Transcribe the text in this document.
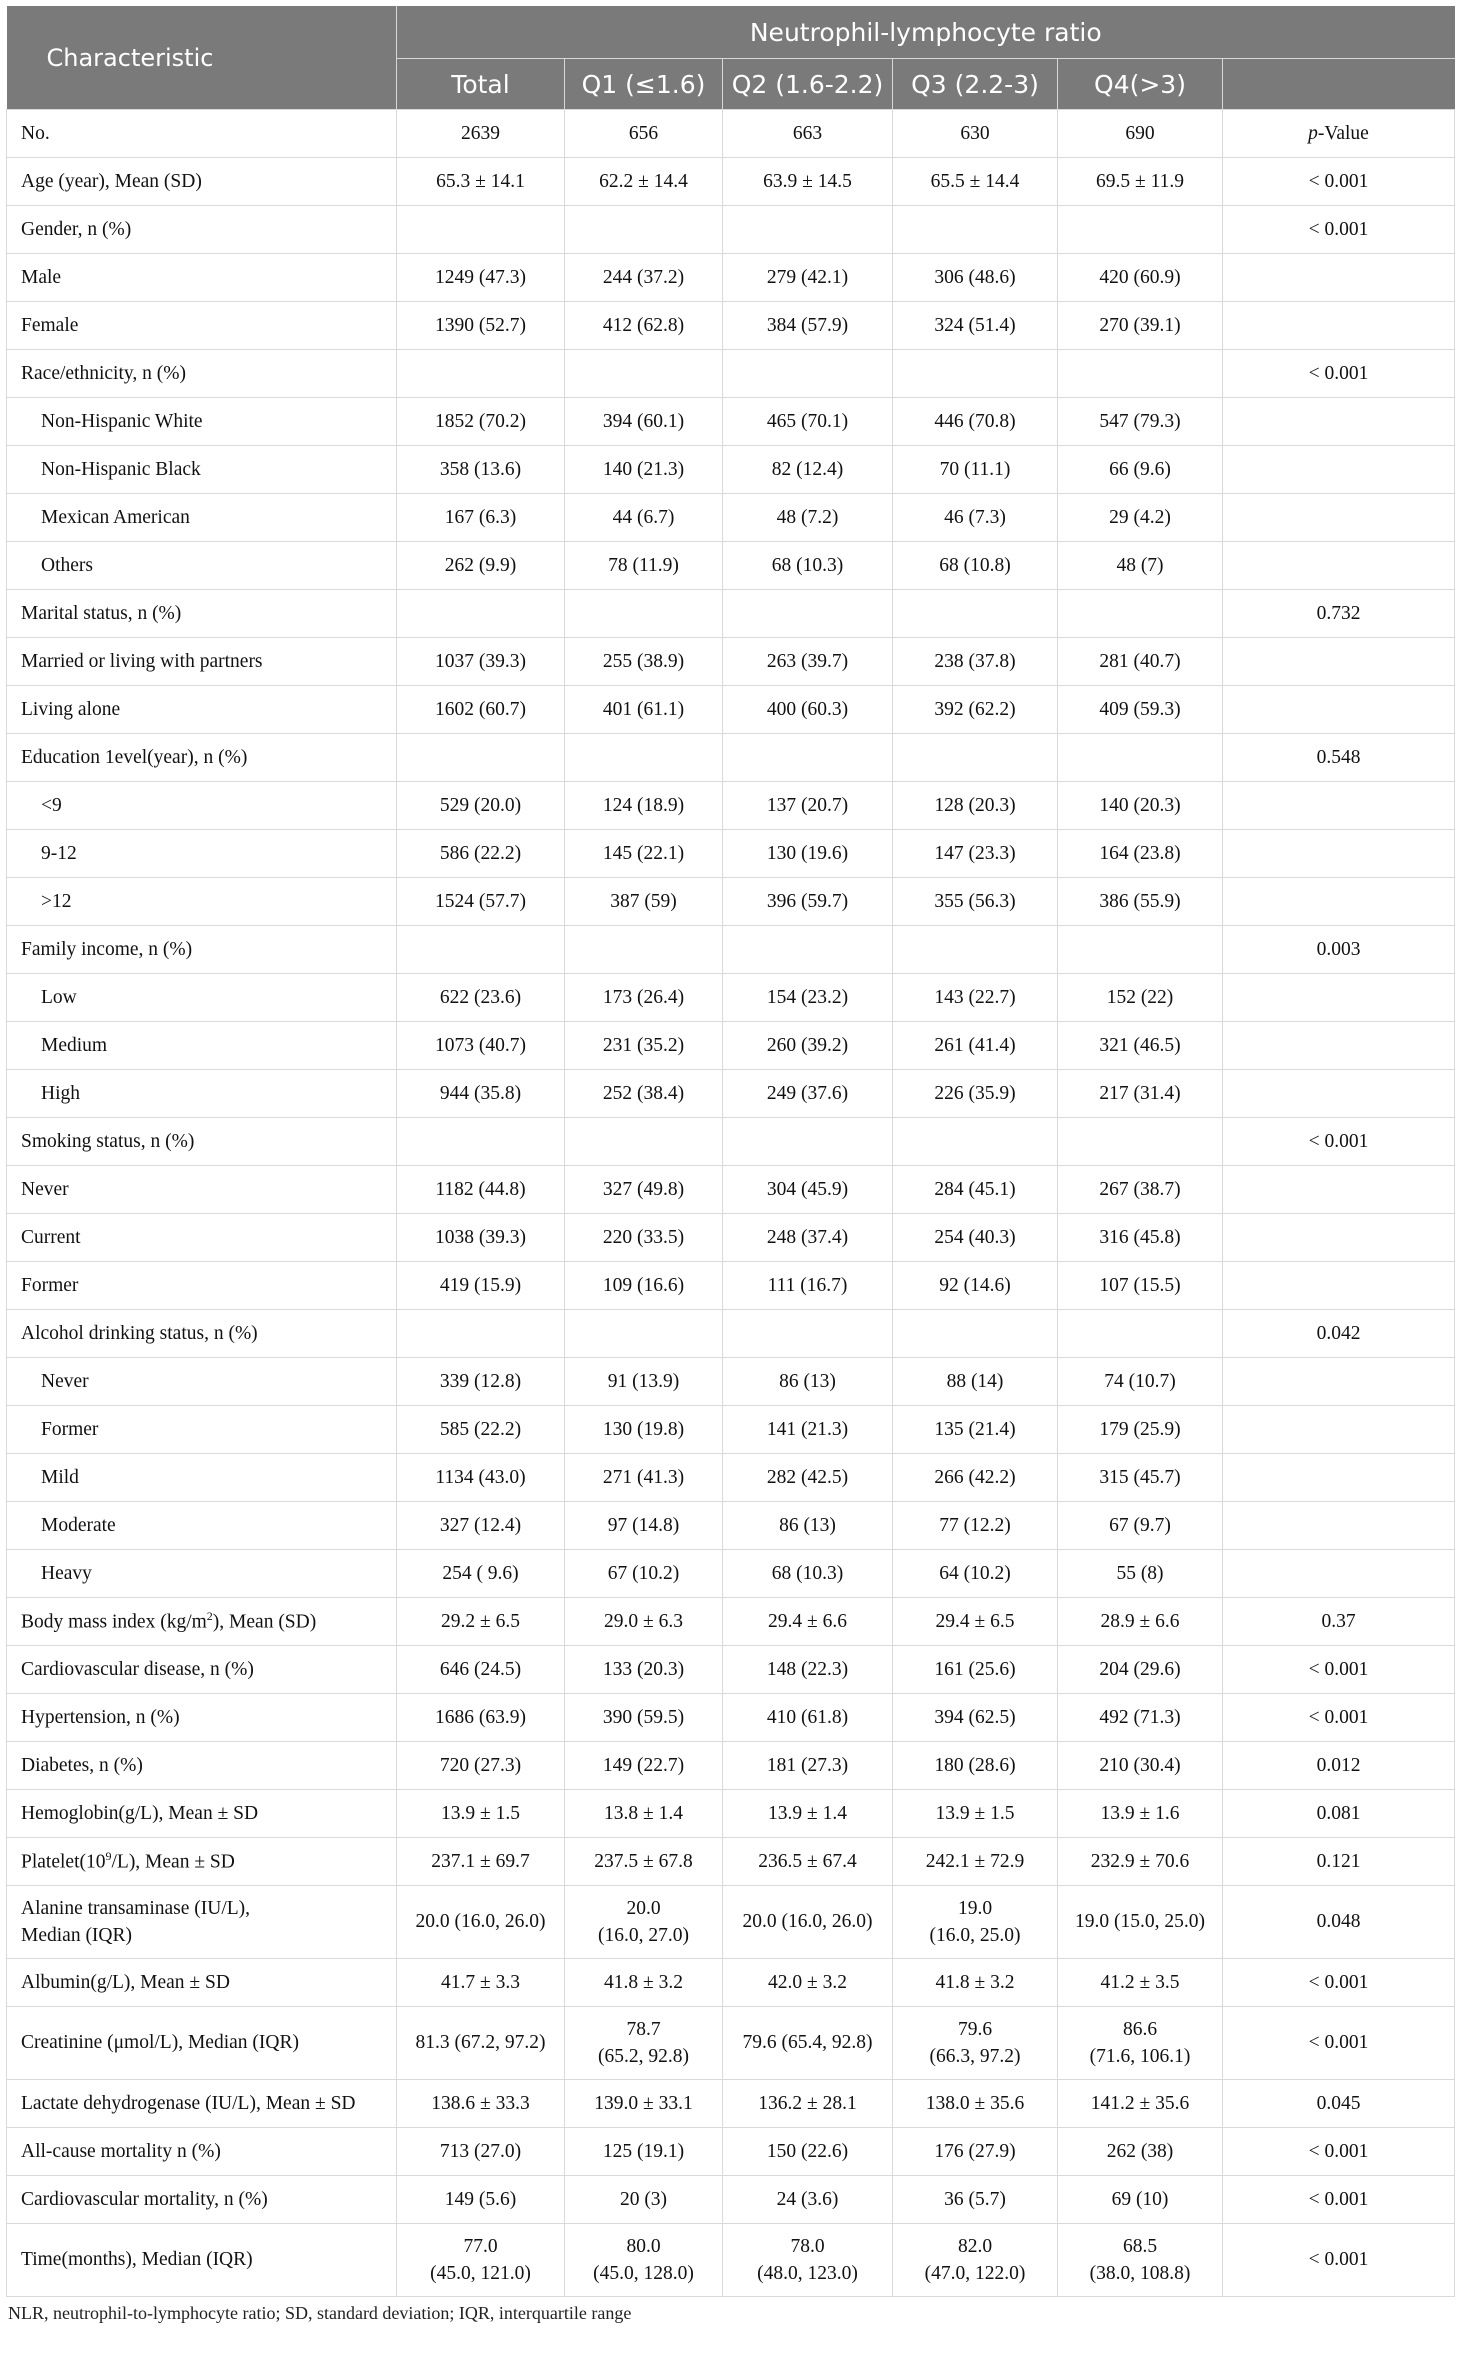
Characteristic	Neutrophil-lymphocyte ratio					
	Total	Q1 (≤1.6)	Q2 (1.6-2.2)	Q3 (2.2-3)	Q4(>3)	
No.	2639	656	663	630	690	p-Value
Age (year), Mean (SD)	65.3 ± 14.1	62.2 ± 14.4	63.9 ± 14.5	65.5 ± 14.4	69.5 ± 11.9	< 0.001
Gender, n (%)						< 0.001
Male	1249 (47.3)	244 (37.2)	279 (42.1)	306 (48.6)	420 (60.9)	
Female	1390 (52.7)	412 (62.8)	384 (57.9)	324 (51.4)	270 (39.1)	
Race/ethnicity, n (%)						< 0.001
Non-Hispanic White	1852 (70.2)	394 (60.1)	465 (70.1)	446 (70.8)	547 (79.3)	
Non-Hispanic Black	358 (13.6)	140 (21.3)	82 (12.4)	70 (11.1)	66 (9.6)	
Mexican American	167 (6.3)	44 (6.7)	48 (7.2)	46 (7.3)	29 (4.2)	
Others	262 (9.9)	78 (11.9)	68 (10.3)	68 (10.8)	48 (7)	
Marital status, n (%)						0.732
Married or living with partners	1037 (39.3)	255 (38.9)	263 (39.7)	238 (37.8)	281 (40.7)	
Living alone	1602 (60.7)	401 (61.1)	400 (60.3)	392 (62.2)	409 (59.3)	
Education 1evel(year), n (%)						0.548
<9	529 (20.0)	124 (18.9)	137 (20.7)	128 (20.3)	140 (20.3)	
9-12	586 (22.2)	145 (22.1)	130 (19.6)	147 (23.3)	164 (23.8)	
>12	1524 (57.7)	387 (59)	396 (59.7)	355 (56.3)	386 (55.9)	
Family income, n (%)						0.003
Low	622 (23.6)	173 (26.4)	154 (23.2)	143 (22.7)	152 (22)	
Medium	1073 (40.7)	231 (35.2)	260 (39.2)	261 (41.4)	321 (46.5)	
High	944 (35.8)	252 (38.4)	249 (37.6)	226 (35.9)	217 (31.4)	
Smoking status, n (%)						< 0.001
Never	1182 (44.8)	327 (49.8)	304 (45.9)	284 (45.1)	267 (38.7)	
Current	1038 (39.3)	220 (33.5)	248 (37.4)	254 (40.3)	316 (45.8)	
Former	419 (15.9)	109 (16.6)	111 (16.7)	92 (14.6)	107 (15.5)	
Alcohol drinking status, n (%)						0.042
Never	339 (12.8)	91 (13.9)	86 (13)	88 (14)	74 (10.7)	
Former	585 (22.2)	130 (19.8)	141 (21.3)	135 (21.4)	179 (25.9)	
Mild	1134 (43.0)	271 (41.3)	282 (42.5)	266 (42.2)	315 (45.7)	
Moderate	327 (12.4)	97 (14.8)	86 (13)	77 (12.2)	67 (9.7)	
Heavy	254 ( 9.6)	67 (10.2)	68 (10.3)	64 (10.2)	55 (8)	
Body mass index $(kg/m^2)$, Mean (SD)	29.2 ± 6.5	29.0 ± 6.3	29.4 ± 6.6	29.4 ± 6.5	28.9 ± 6.6	0.37
Cardiovascular disease, n (%)	646 (24.5)	133 (20.3)	148 (22.3)	161 (25.6)	204 (29.6)	< 0.001
Hypertension, n (%)	1686 (63.9)	390 (59.5)	410 (61.8)	394 (62.5)	492 (71.3)	< 0.001
Diabetes, n (%)	720 (27.3)	149 (22.7)	181 (27.3)	180 (28.6)	210 (30.4)	0.012
Hemoglobin(g/L), Mean ± SD	13.9 ± 1.5	13.8 ± 1.4	13.9 ± 1.4	13.9 ± 1.5	13.9 ± 1.6	0.081
$Platelet(10^9/L)$, Mean ± SD	237.1 ± 69.7	237.5 ± 67.8	236.5 ± 67.4	242.1 ± 72.9	232.9 ± 70.6	0.121
Alanine transaminase (IU/L),
Median (IQR)	20.0 (16.0, 26.0)	20.0
(16.0, 27.0)	20.0 (16.0, 26.0)	19.0
(16.0, 25.0)	19.0 (15.0, 25.0)	0.048
Albumin(g/L), Mean ± SD	41.7 ± 3.3	41.8 ± 3.2	42.0 ± 3.2	41.8 ± 3.2	41.2 ± 3.5	< 0.001
Creatinine (μmol/L), Median (IQR)	81.3 (67.2, 97.2)	78.7
(65.2, 92.8)	79.6 (65.4, 92.8)	79.6
(66.3, 97.2)	86.6
(71.6, 106.1)	< 0.001
Lactate dehydrogenase (IU/L), Mean ± SD	138.6 ± 33.3	139.0 ± 33.1	136.2 ± 28.1	138.0 ± 35.6	141.2 ± 35.6	0.045
All-cause mortality n (%)	713 (27.0)	125 (19.1)	150 (22.6)	176 (27.9)	262 (38)	< 0.001
Cardiovascular mortality, n (%)	149 (5.6)	20 (3)	24 (3.6)	36 (5.7)	69 (10)	< 0.001
Time(months), Median (IQR)	77.0
(45.0, 121.0)	80.0
(45.0, 128.0)	78.0
(48.0, 123.0)	82.0
(47.0, 122.0)	68.5
(38.0, 108.8)	< 0.001
NLR, neutrophil-to-lymphocyte ratio; SD, standard deviation; IQR, interquartile range
